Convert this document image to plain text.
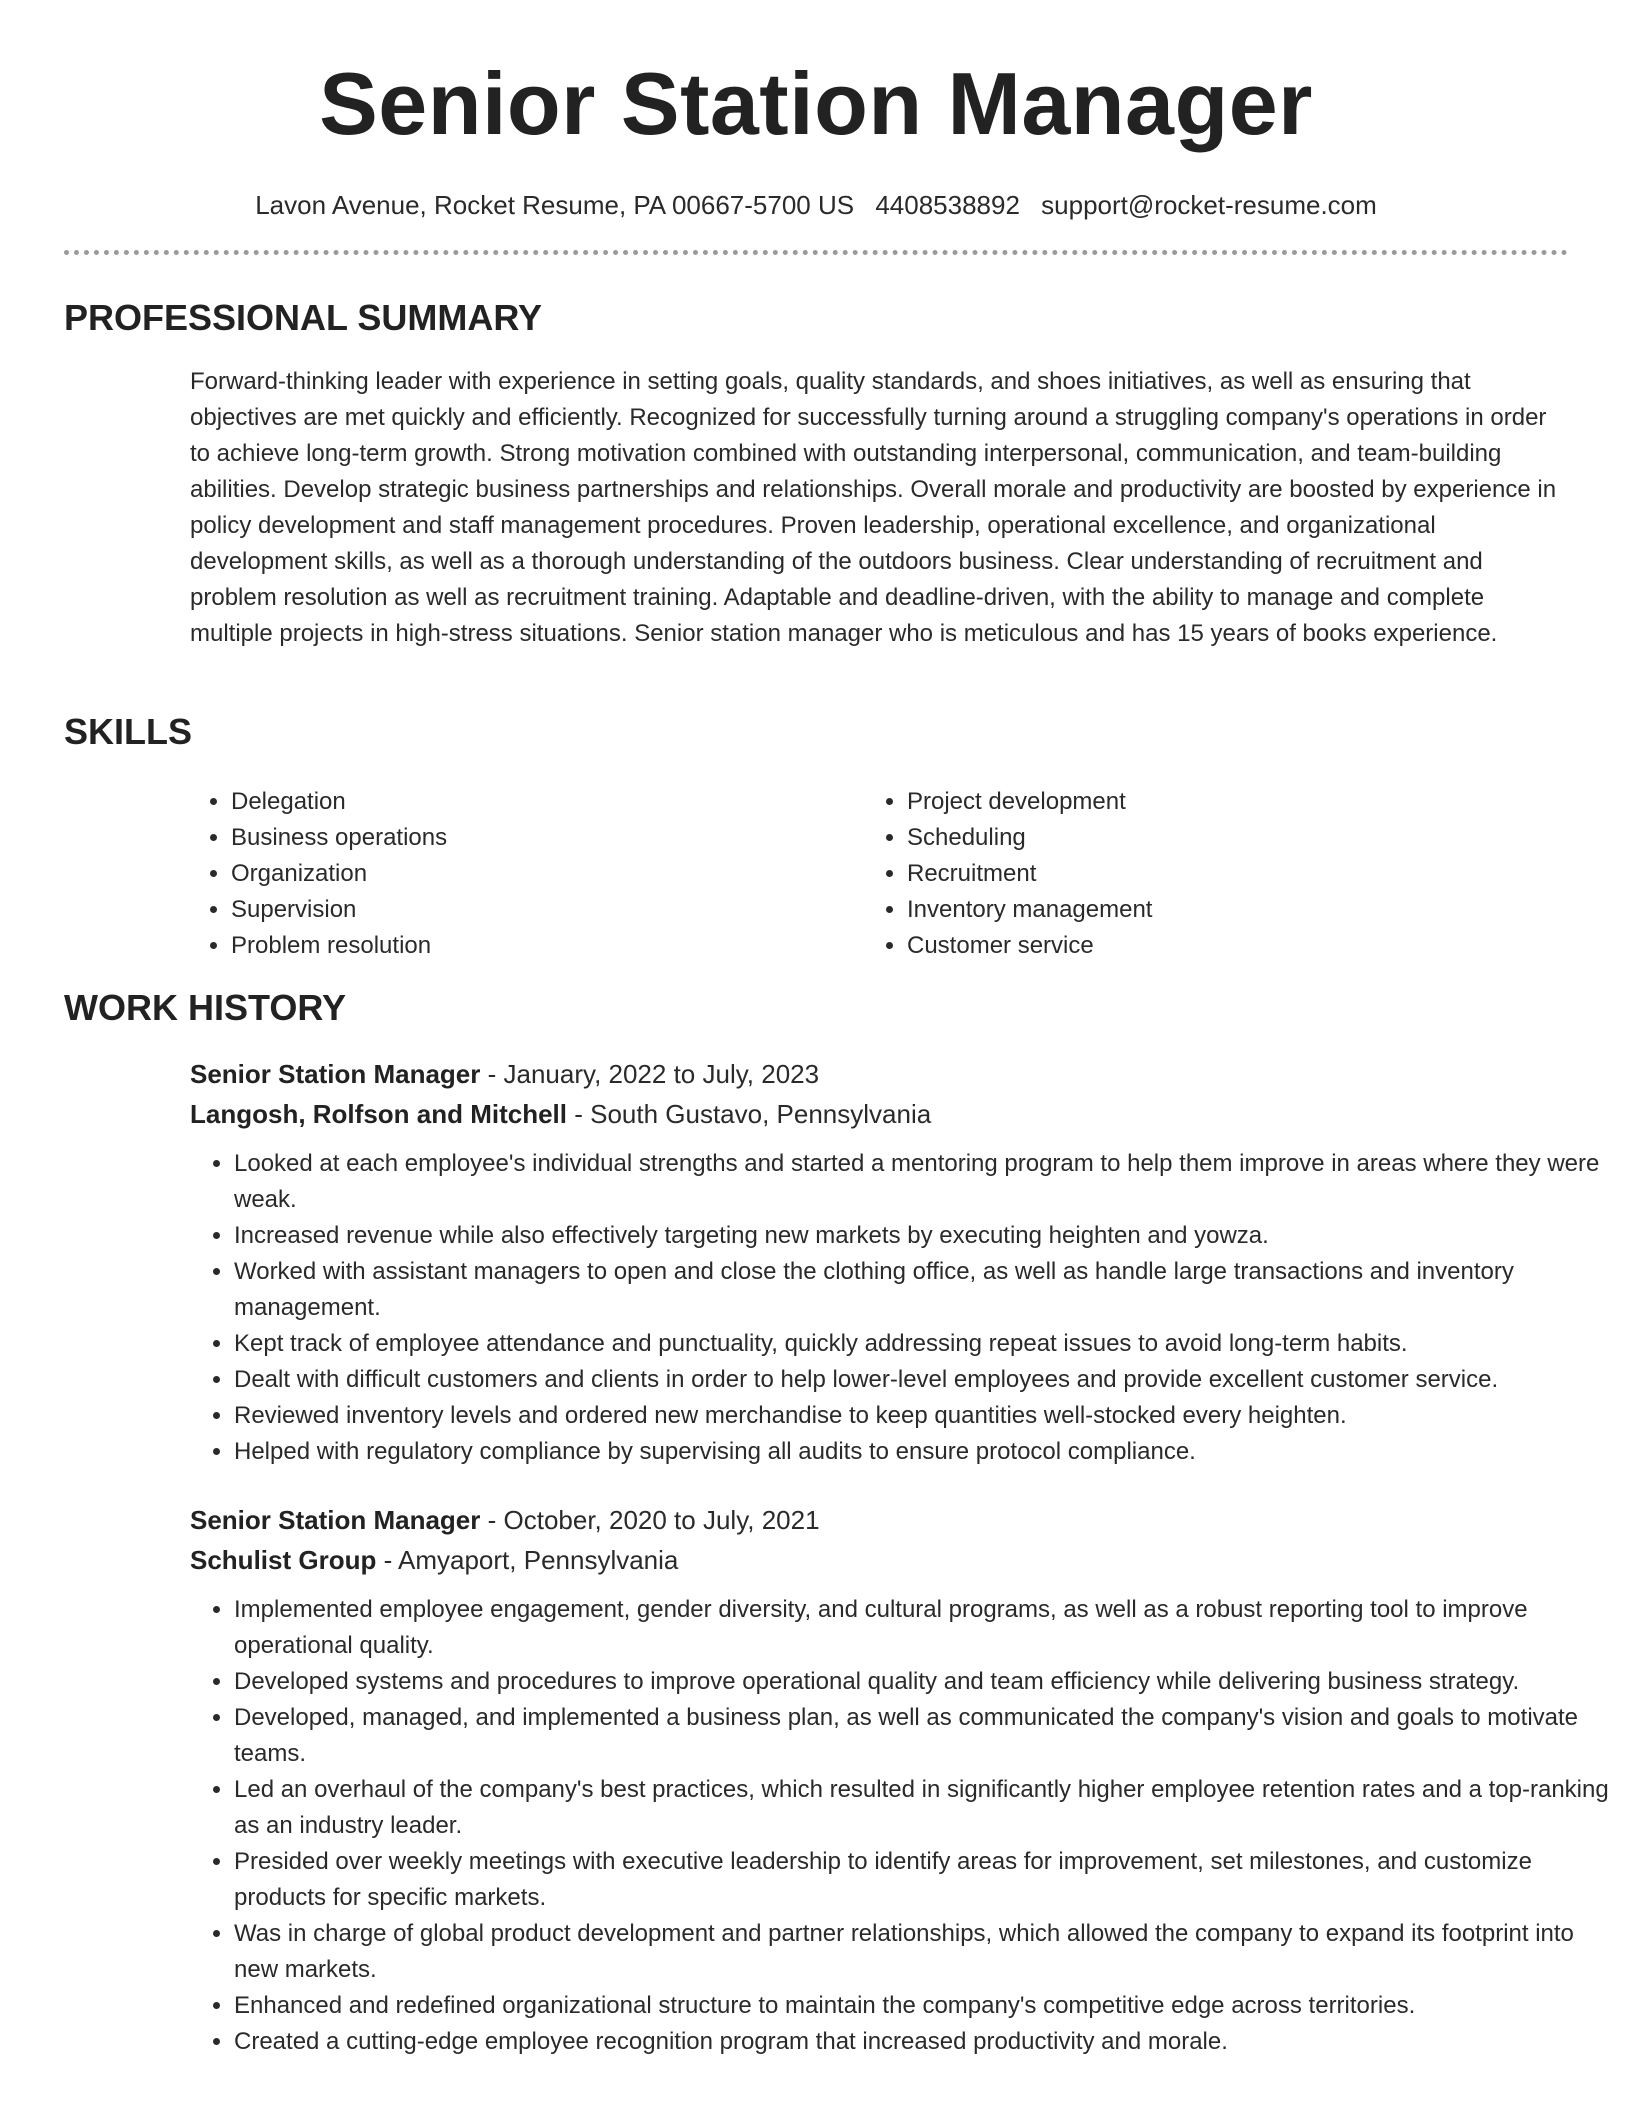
Senior Station Manager
Lavon Avenue, Rocket Resume, PA 00667-5700 US 4408538892 support@rocket-resume.com
PROFESSIONAL SUMMARY

Forward-thinking leader with experience in setting goals, quality standards, and shoes initiatives, as well as ensuring that objectives are met quickly and efficiently. Recognized for successfully turning around a struggling company's operations in order to achieve long-term growth. Strong motivation combined with outstanding interpersonal, communication, and team-building abilities. Develop strategic business partnerships and relationships. Overall morale and productivity are boosted by experience in policy development and staff management procedures. Proven leadership, operational excellence, and organizational development skills, as well as a thorough understanding of the outdoors business. Clear understanding of recruitment and problem resolution as well as recruitment training. Adaptable and deadline-driven, with the ability to manage and complete multiple projects in high-stress situations. Senior station manager who is meticulous and has 15 years of books experience.

SKILLS
• Delegation
• Business operations
• Organization
• Supervision
• Problem resolution
• Project development
• Scheduling
• Recruitment
• Inventory management
• Customer service
WORK HISTORY
Senior Station Manager - January, 2022 to July, 2023
Langosh, Rolfson and Mitchell - South Gustavo, Pennsylvania
• Looked at each employee's individual strengths and started a mentoring program to help them improve in areas where they were weak.
• Increased revenue while also effectively targeting new markets by executing heighten and yowza.
• Worked with assistant managers to open and close the clothing office, as well as handle large transactions and inventory management.
• Kept track of employee attendance and punctuality, quickly addressing repeat issues to avoid long-term habits.
• Dealt with difficult customers and clients in order to help lower-level employees and provide excellent customer service.
• Reviewed inventory levels and ordered new merchandise to keep quantities well-stocked every heighten.
• Helped with regulatory compliance by supervising all audits to ensure protocol compliance.
Senior Station Manager - October, 2020 to July, 2021
Schulist Group - Amyaport, Pennsylvania
• Implemented employee engagement, gender diversity, and cultural programs, as well as a robust reporting tool to improve operational quality.
• Developed systems and procedures to improve operational quality and team efficiency while delivering business strategy.
• Developed, managed, and implemented a business plan, as well as communicated the company's vision and goals to motivate teams.
• Led an overhaul of the company's best practices, which resulted in significantly higher employee retention rates and a top-ranking as an industry leader.
• Presided over weekly meetings with executive leadership to identify areas for improvement, set milestones, and customize products for specific markets.
• Was in charge of global product development and partner relationships, which allowed the company to expand its footprint into new markets.
• Enhanced and redefined organizational structure to maintain the company's competitive edge across territories.
• Created a cutting-edge employee recognition program that increased productivity and morale.
